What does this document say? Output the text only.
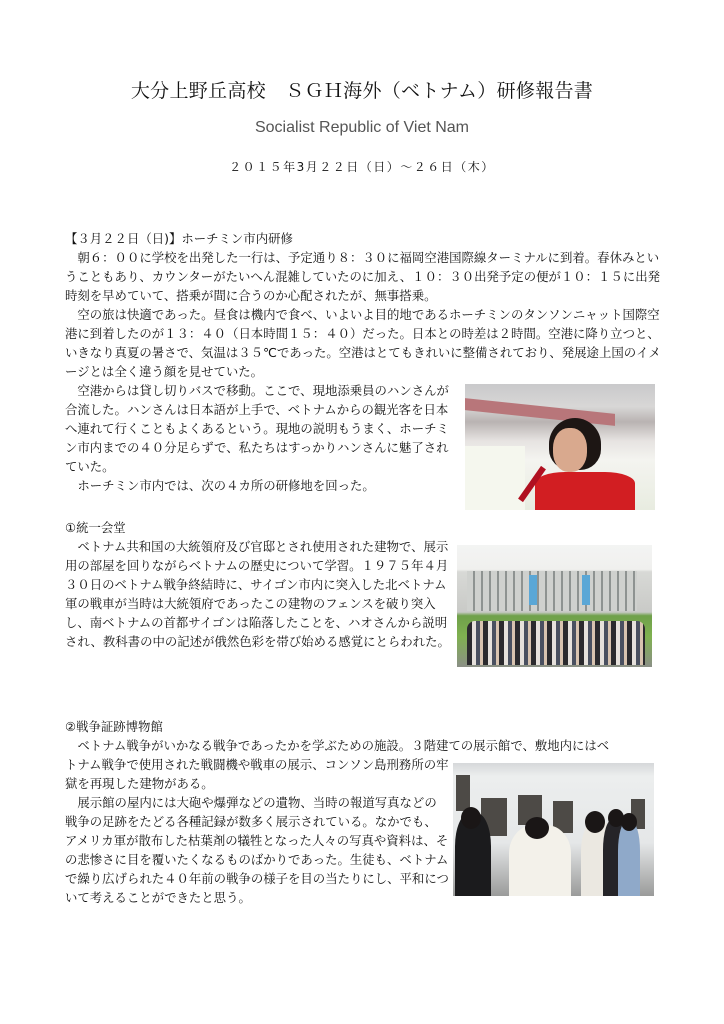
大分上野丘高校　ＳＧＨ海外（ベトナム）研修報告書
Socialist Republic of Viet Nam
２０１５年3月２２日（日）～２６日（木）
【３月２２日（日)】ホーチミン市内研修

朝６：００に学校を出発した一行は、予定通り８：３０に福岡空港国際線ターミナルに到着。春休みということもあり、カウンターがたいへん混雑していたのに加え、１０：３０出発予定の便が１０：１５に出発時刻を早めていて、搭乗が間に合うのか心配されたが、無事搭乗。

空の旅は快適であった。昼食は機内で食べ、いよいよ目的地であるホーチミンのタンソンニャット国際空港に到着したのが１３：４０（日本時間１５：４０）だった。日本との時差は２時間。空港に降り立つと、いきなり真夏の暑さで、気温は３５℃であった。空港はとてもきれいに整備されており、発展途上国のイメージとは全く違う顔を見せていた。

空港からは貸し切りバスで移動。ここで、現地添乗員のハンさんが合流した。ハンさんは日本語が上手で、ベトナムからの観光客を日本へ連れて行くこともよくあるという。現地の説明もうまく、ホーチミン市内までの４０分足らずで、私たちはすっかりハンさんに魅了されていた。

ホーチミン市内では、次の４カ所の研修地を回った。

①統一会堂

ベトナム共和国の大統領府及び官邸とされ使用された建物で、展示用の部屋を回りながらベトナムの歴史について学習。１９７５年４月３０日のベトナム戦争終結時に、サイゴン市内に突入した北ベトナム軍の戦車が当時は大統領府であったこの建物のフェンスを破り突入し、南ベトナムの首都サイゴンは陥落したことを、ハオさんから説明され、教科書の中の記述が俄然色彩を帯び始める感覚にとらわれた。

②戦争証跡博物館

ベトナム戦争がいかなる戦争であったかを学ぶための施設。３階建ての展示館で、敷地内にはベ

トナム戦争で使用された戦闘機や戦車の展示、コンソン島刑務所の牢獄を再現した建物がある。

展示館の屋内には大砲や爆弾などの遺物、当時の報道写真などの戦争の足跡をたどる各種記録が数多く展示されている。なかでも、アメリカ軍が散布した枯葉剤の犠牲となった人々の写真や資料は、その悲惨さに目を覆いたくなるものばかりであった。生徒も、ベトナムで繰り広げられた４０年前の戦争の様子を目の当たりにし、平和について考えることができたと思う。
